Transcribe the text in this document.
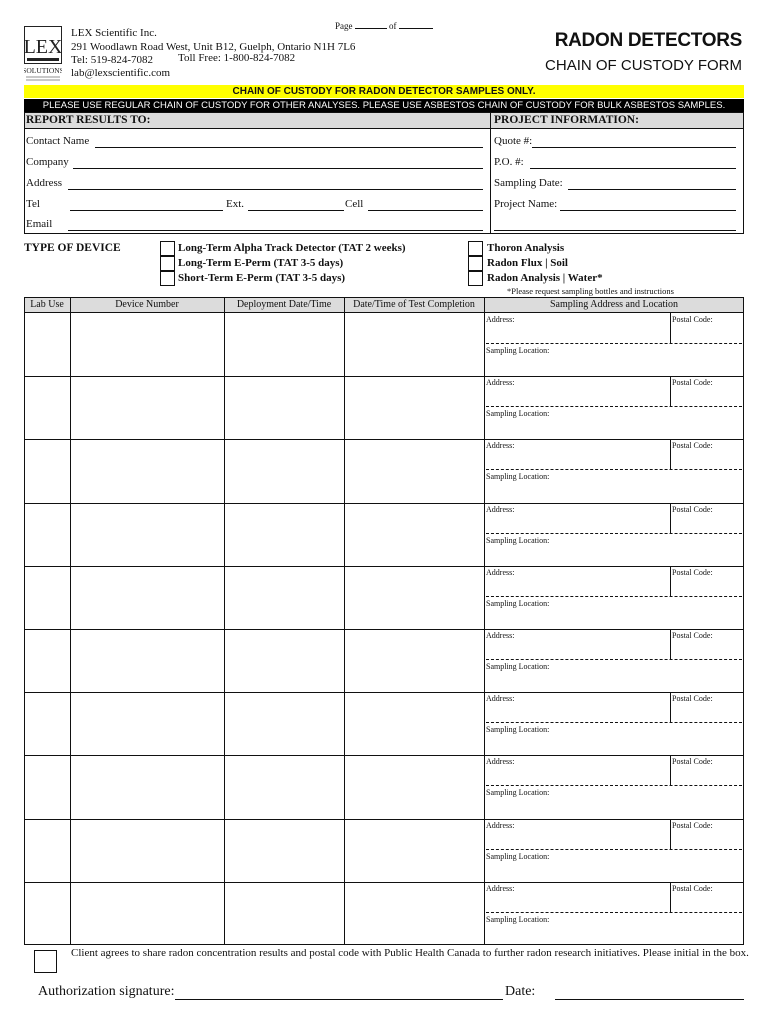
LEX
SOLUTIONS
LEX Scientific Inc.
291 Woodlawn Road West, Unit B12, Guelph, Ontario N1H 7L6
Tel: 519-824-7082 Toll Free: 1-800-824-7082
lab@lexscientific.com
Page	of
RADON DETECTORS
CHAIN OF CUSTODY FORM
CHAIN OF CUSTODY FOR RADON DETECTOR SAMPLES ONLY.
PLEASE USE REGULAR CHAIN OF CUSTODY FOR OTHER ANALYSES. PLEASE USE ASBESTOS CHAIN OF CUSTODY FOR BULK ASBESTOS SAMPLES.
REPORT RESULTS TO:	PROJECT INFORMATION:
Contact Name
Company
Address
Tel	Ext.	Cell
Email
Quote #:
P.O. #:
Sampling Date:
Project Name:
TYPE OF DEVICE	Long-Term Alpha Track Detector (TAT 2 weeks)
Long-Term E-Perm (TAT 3-5 days)
Short-Term E-Perm (TAT 3-5 days)
Thoron Analysis
Radon Flux | Soil
Radon Analysis | Water*
*Please request sampling bottles and instructions
Lab Use	Device Number	Deployment Date/Time	Date/Time of Test Completion	Sampling Address and Location
Address:	Postal Code:
Sampling Location:
Address:	Postal Code:
Sampling Location:
Address:	Postal Code:
Sampling Location:
Address:	Postal Code:
Sampling Location:
Address:	Postal Code:
Sampling Location:
Address:	Postal Code:
Sampling Location:
Address:	Postal Code:
Sampling Location:
Address:	Postal Code:
Sampling Location:
Address:	Postal Code:
Sampling Location:
Address:	Postal Code:
Sampling Location:
Client agrees to share radon concentration results and postal code with Public Health Canada to further radon research initiatives. Please initial in the box.
Authorization signature:	Date:
